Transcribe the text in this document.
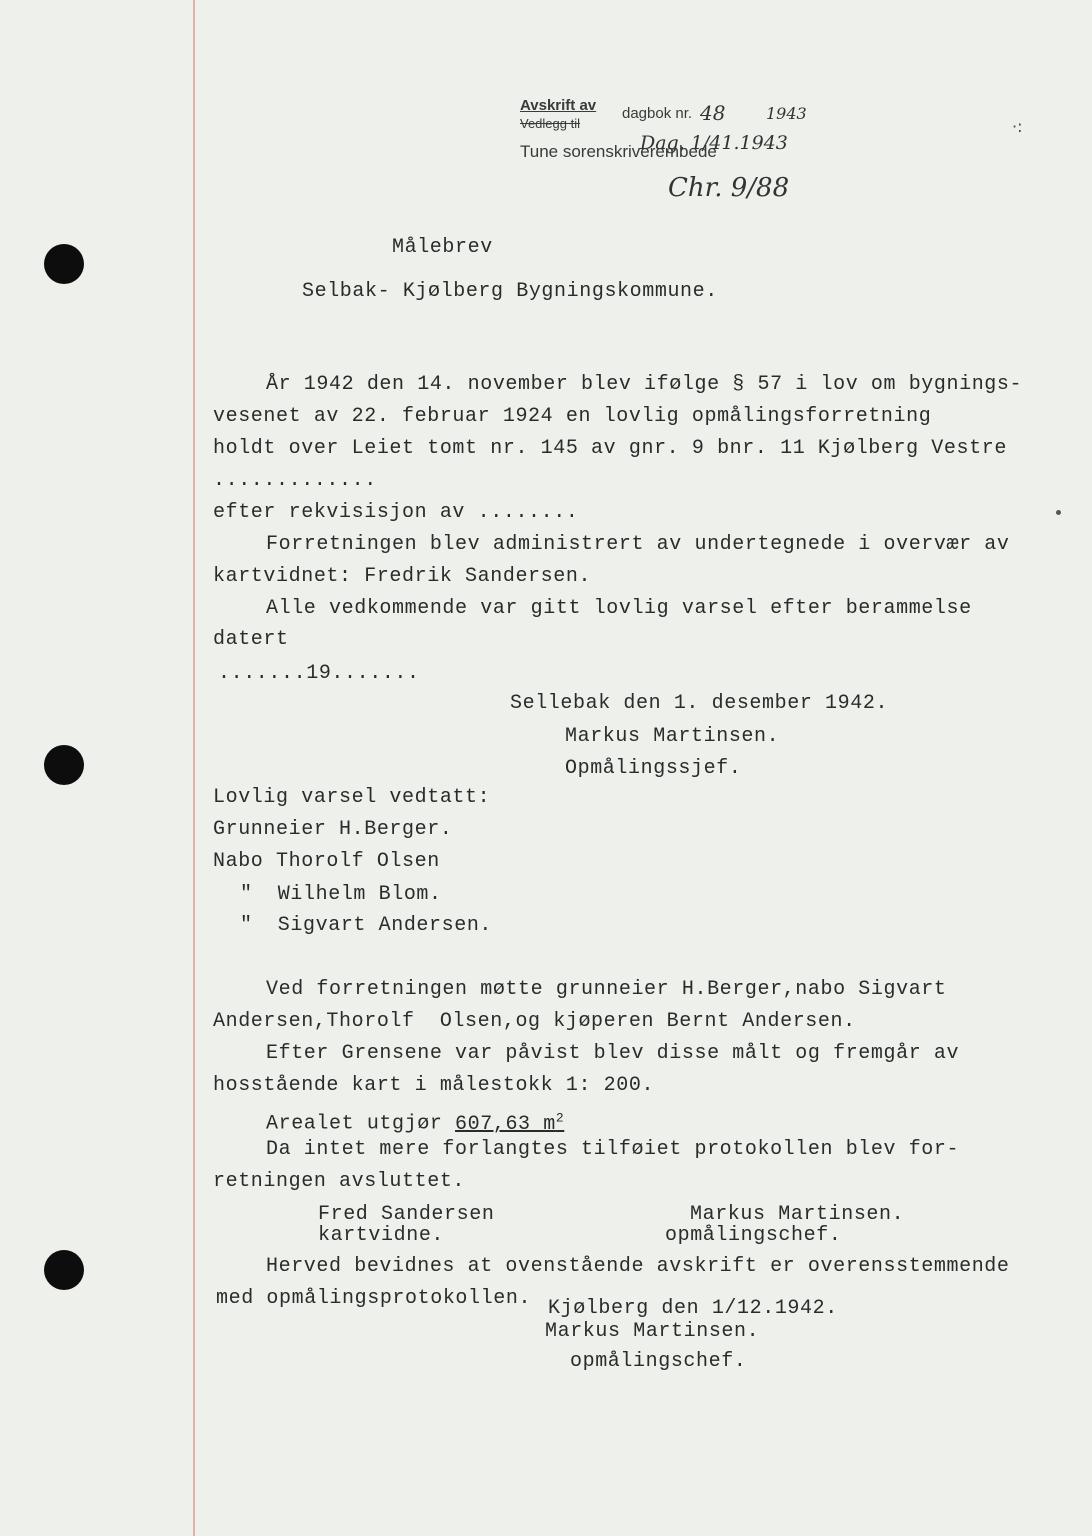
Avskrift av
Vedlegg til
dagbok nr.
Tune sorenskriverembede
48	1943
Dag. 1/41.1943
Chr. 9/88
·:
Målebrev
Selbak- Kjølberg Bygningskommune.
År 1942 den 14. november blev ifølge § 57 i lov om bygnings-
vesenet av 22. februar 1924 en lovlig opmålingsforretning
holdt over Leiet tomt nr. 145 av gnr. 9 bnr. 11 Kjølberg Vestre
.............
efter rekvisisjon av ........
Forretningen blev administrert av undertegnede i overvær av
kartvidnet: Fredrik Sandersen.
Alle vedkommende var gitt lovlig varsel efter berammelse
datert
.......19.......
Sellebak den 1. desember 1942.
Markus Martinsen.
Opmålingssjef.
Lovlig varsel vedtatt:
Grunneier H.Berger.
Nabo Thorolf Olsen
"  Wilhelm Blom.
"  Sigvart Andersen.
Ved forretningen møtte grunneier H.Berger,nabo Sigvart
Andersen,Thorolf  Olsen,og kjøperen Bernt Andersen.
Efter Grensene var påvist blev disse målt og fremgår av
hosstående kart i målestokk 1: 200.
Arealet utgjør 607,63 $m^2$
Da intet mere forlangtes tilføiet protokollen blev for-
retningen avsluttet.
Fred Sandersen
kartvidne.
Markus Martinsen.
opmålingschef.
Herved bevidnes at ovenstående avskrift er overensstemmende
med opmålingsprotokollen. Kjølberg den 1/12.1942.
Markus Martinsen.
opmålingschef.
